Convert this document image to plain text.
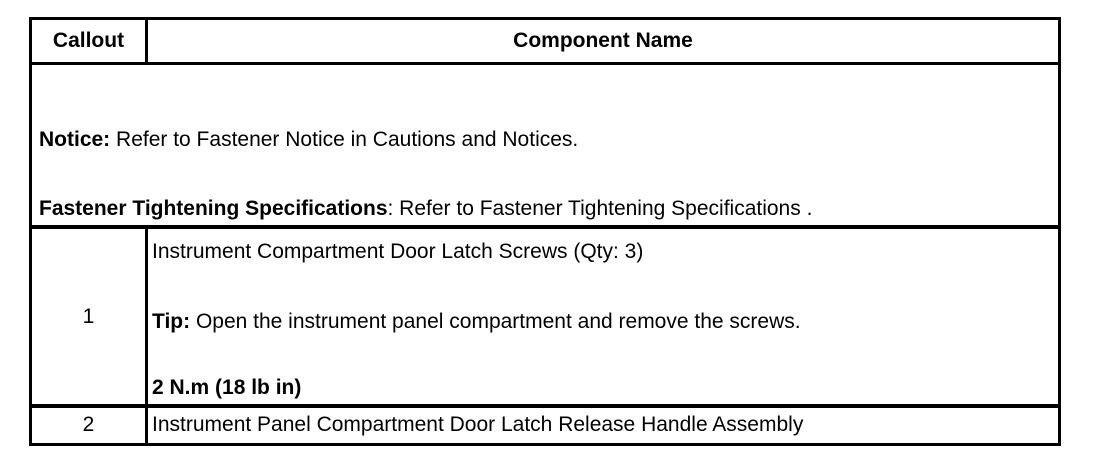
Callout	Component Name
Notice: Refer to Fastener Notice in Cautions and Notices.
Fastener Tightening Specifications: Refer to Fastener Tightening Specifications .
1
Instrument Compartment Door Latch Screws (Qty: 3)
Tip: Open the instrument panel compartment and remove the screws.
2 N.m (18 lb in)
2	Instrument Panel Compartment Door Latch Release Handle Assembly
